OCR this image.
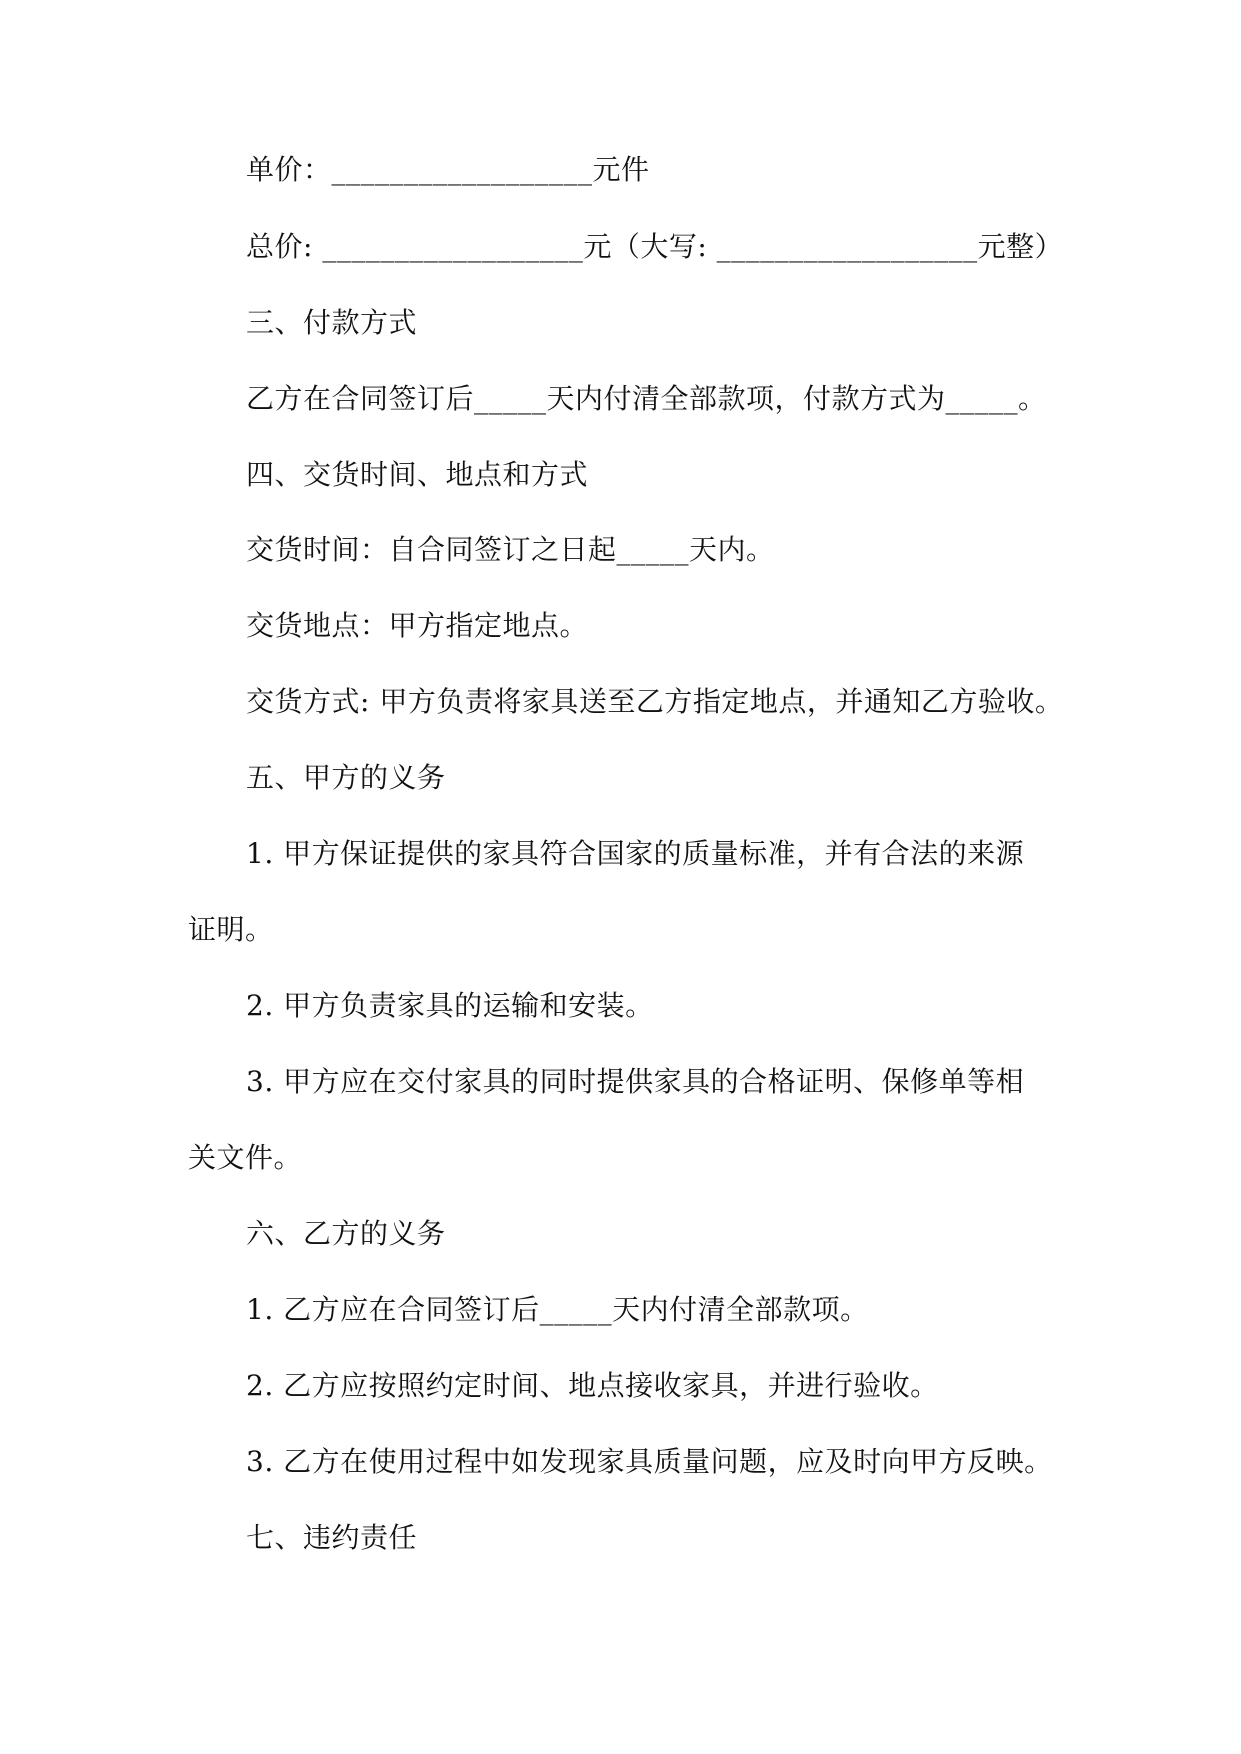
单价：__________________元件
总价: __________________元（大写: __________________元整）
三、付款方式
乙方在合同签订后_____天内付清全部款项，付款方式为_____。
四、交货时间、地点和方式
交货时间：自合同签订之日起_____天内。
交货地点：甲方指定地点。
交货方式: 甲方负责将家具送至乙方指定地点，并通知乙方验收。
五、甲方的义务
1. 甲方保证提供的家具符合国家的质量标准，并有合法的来源
证明。
2. 甲方负责家具的运输和安装。
3. 甲方应在交付家具的同时提供家具的合格证明、保修单等相
关文件。
六、乙方的义务
1. 乙方应在合同签订后_____天内付清全部款项。
2. 乙方应按照约定时间、地点接收家具，并进行验收。
3. 乙方在使用过程中如发现家具质量问题，应及时向甲方反映。
七、违约责任
